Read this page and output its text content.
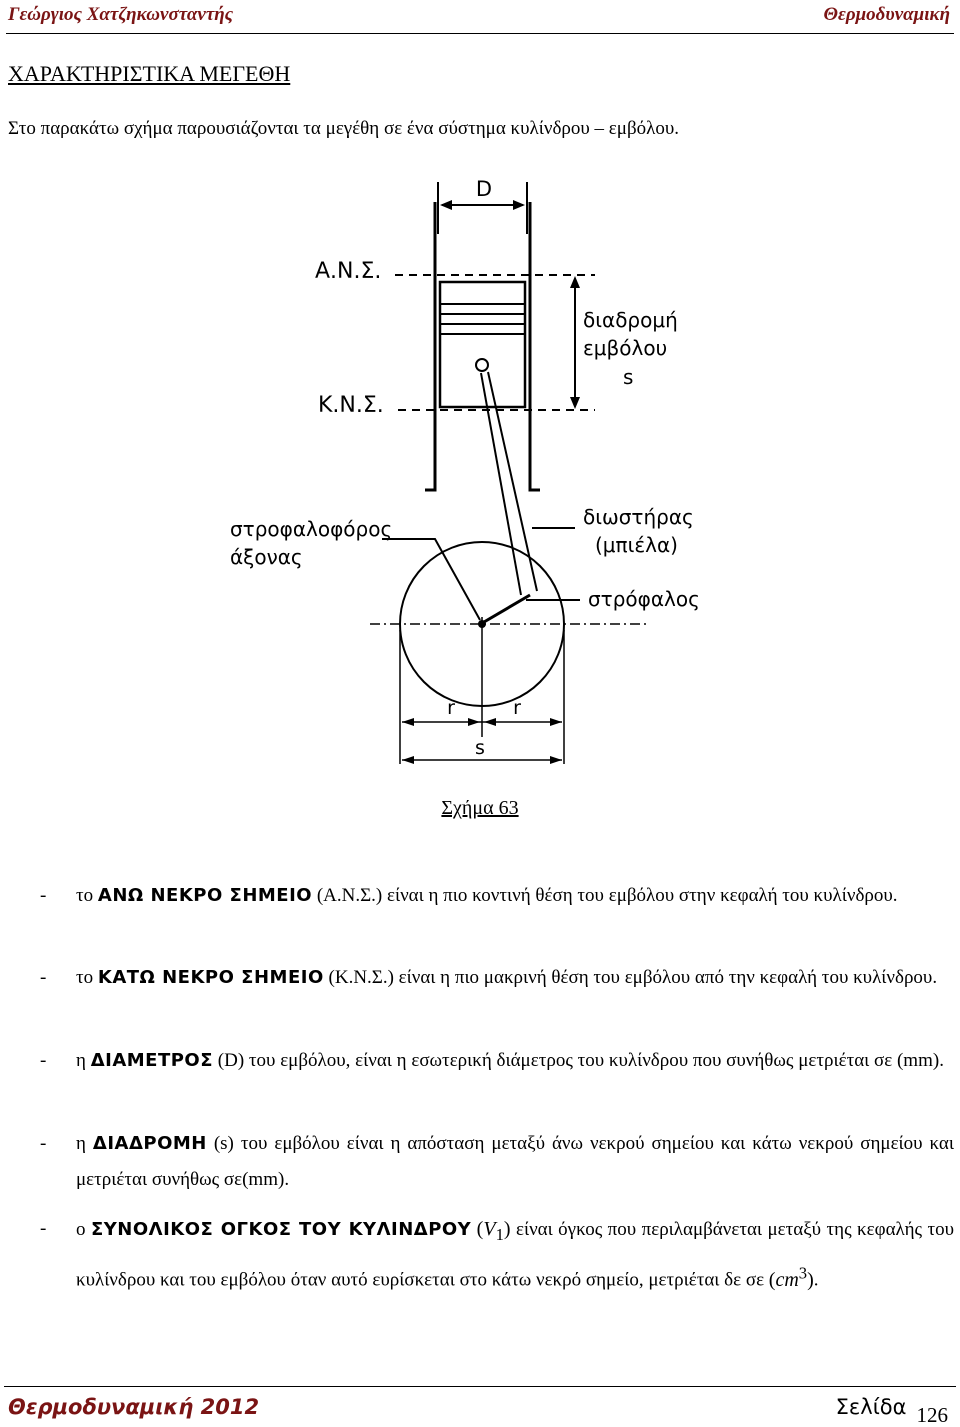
Γεώργιος Χατζηκωνσταντής	Θερμοδυναμική
ΧΑΡΑΚΤΗΡΙΣΤΙΚΑ ΜΕΓΕΘΗ
Στο παρακάτω σχήμα παρουσιάζονται τα μεγέθη σε ένα σύστημα κυλίνδρου – εμβόλου.
D
Α.Ν.Σ.
Κ.Ν.Σ.
διαδρομή
εμβόλου
s
στροφαλοφόρος
άξονας
διωστήρας
(μπιέλα)
στρόφαλος
r	r
s
Σχήμα 63
- το ΑΝΩ ΝΕΚΡΟ ΣΗΜΕΙΟ (Α.Ν.Σ.) είναι η πιο κοντινή θέση του εμβόλου στην κεφαλή του κυλίνδρου.
- το ΚΑΤΩ ΝΕΚΡΟ ΣΗΜΕΙΟ (Κ.Ν.Σ.) είναι η πιο μακρινή θέση του εμβόλου από την κεφαλή του κυλίνδρου.
- η ΔΙΑΜΕΤΡΟΣ (D) του εμβόλου, είναι η εσωτερική διάμετρος του κυλίνδρου που συνήθως μετριέται σε (mm).
- η ΔΙΑΔΡΟΜΗ (s) του εμβόλου είναι η απόσταση μεταξύ άνω νεκρού σημείου και κάτω νεκρού σημείου και μετριέται συνήθως σε(mm).
- ο ΣΥΝΟΛΙΚΟΣ ΟΓΚΟΣ ΤΟΥ ΚΥΛΙΝΔΡΟΥ $(V_1)$ είναι όγκος που περιλαμβάνεται μεταξύ της κεφαλής του κυλίνδρου και του εμβόλου όταν αυτό ευρίσκεται στο κάτω νεκρό σημείο, μετριέται δε σε $(cm^3)$.
Θερμοδυναμική 2012	Σελίδα 126
